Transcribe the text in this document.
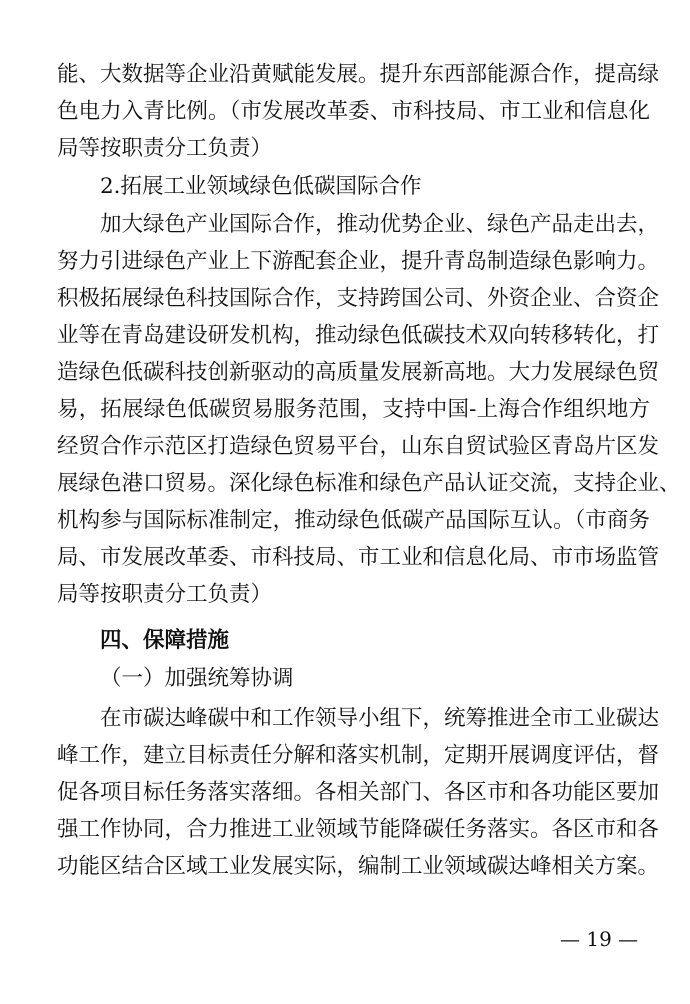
能、大数据等企业沿黄赋能发展。提升东西部能源合作，提高绿
色电力入青比例。（市发展改革委、市科技局、市工业和信息化
局等按职责分工负责）
2.拓展工业领域绿色低碳国际合作
加大绿色产业国际合作，推动优势企业、绿色产品走出去，
努力引进绿色产业上下游配套企业，提升青岛制造绿色影响力。
积极拓展绿色科技国际合作，支持跨国公司、外资企业、合资企
业等在青岛建设研发机构，推动绿色低碳技术双向转移转化，打
造绿色低碳科技创新驱动的高质量发展新高地。大力发展绿色贸
易，拓展绿色低碳贸易服务范围，支持中国-上海合作组织地方
经贸合作示范区打造绿色贸易平台，山东自贸试验区青岛片区发
展绿色港口贸易。深化绿色标准和绿色产品认证交流，支持企业、
机构参与国际标准制定，推动绿色低碳产品国际互认。（市商务
局、市发展改革委、市科技局、市工业和信息化局、市市场监管
局等按职责分工负责）
四、保障措施
（一）加强统筹协调
在市碳达峰碳中和工作领导小组下，统筹推进全市工业碳达
峰工作，建立目标责任分解和落实机制，定期开展调度评估，督
促各项目标任务落实落细。各相关部门、各区市和各功能区要加
强工作协同，合力推进工业领域节能降碳任务落实。各区市和各
功能区结合区域工业发展实际，编制工业领域碳达峰相关方案。
— 19 —
